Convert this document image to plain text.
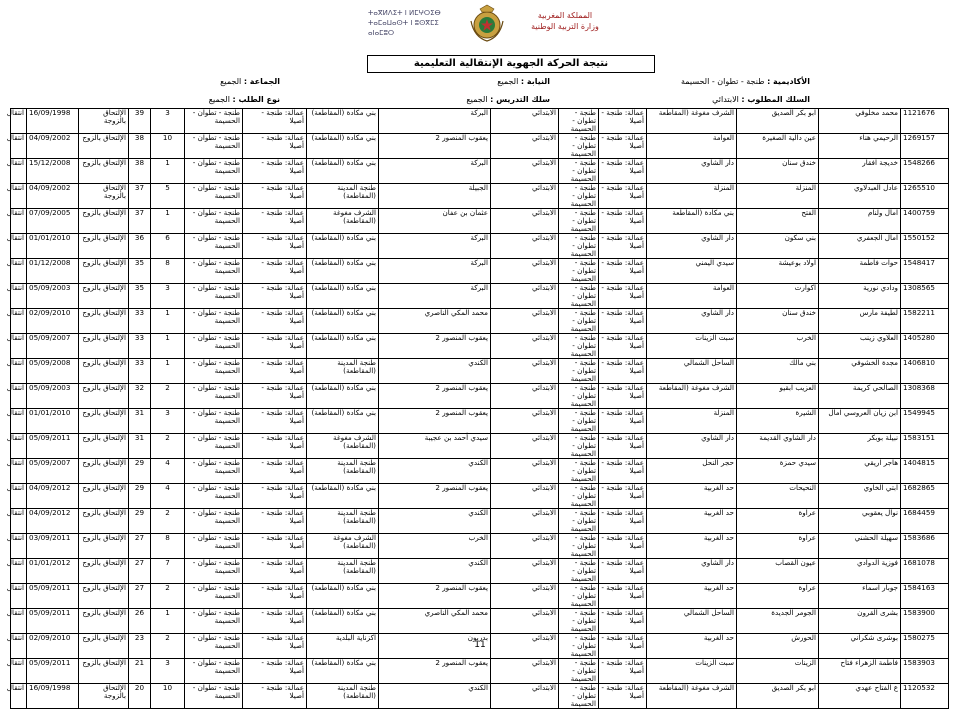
ⵜⴰⴳⵍⴷⵉⵜ ⵏ ⵍⵎⵖⵔⵉⴱ
ⵜⴰⵎⴰⵡⴰⵙⵜ ⵏ ⵓⵙⴳⵎⵉ
ⴰⵏⴰⵎⵓⵔ
المملكة المغربية
وزارة التربية الوطنية
نتيجة الحركة الجهوية الإنتقالية التعليمية
الأكاديمية : طنجة - تطوان - الحسيمة
النيابة : الجميع
الجماعة : الجميع
السلك المطلوب : الابتدائي
سلك التدريس : الجميع
نوع الطلب : الجميع
1121676	محمد مخلوفي	ابو بكر الصديق	الشرف مغوغة (المقاطعة	عمالة: طنجة - أصيلا	طنجة - تطوان - الحسيمة	الابتدائي	البركة	بني مكادة (المقاطعة)	عمالة: طنجة - أصيلا	طنجة - تطوان - الحسيمة	3	39	الإلتحاق بالزوجة	16/09/1998	انتقال
1269157	الرحيمي هناء	عين دالية الصغيرة	العوامة	عمالة: طنجة - أصيلا	طنجة - تطوان - الحسيمة	الابتدائي	يعقوب المنصور 2	بني مكادة (المقاطعة)	عمالة: طنجة - أصيلا	طنجة - تطوان - الحسيمة	10	38	الإلتحاق بالزوج	04/09/2002	انتقال
1548266	خديجة افقار	خندق سنان	دار الشاوي	عمالة: طنجة - أصيلا	طنجة - تطوان - الحسيمة	الابتدائي	البركة	بني مكادة (المقاطعة)	عمالة: طنجة - أصيلا	طنجة - تطوان - الحسيمة	1	38	الإلتحاق بالزوج	15/12/2008	انتقال
1265510	عادل العبدلاوي	المنزلة	المنزلة	عمالة: طنجة - أصيلا	طنجة - تطوان - الحسيمة	الابتدائي	الجبيلة	طنجة المدينة (المقاطعة)	عمالة: طنجة - أصيلا	طنجة - تطوان - الحسيمة	5	37	الإلتحاق بالزوجة	04/09/2002	انتقال
1400759	امال ولنام	الفتح	بني مكادة (المقاطعة	عمالة: طنجة - أصيلا	طنجة - تطوان - الحسيمة	الابتدائي	عثمان بن عفان	الشرف مغوغة (المقاطعة)	عمالة: طنجة - أصيلا	طنجة - تطوان - الحسيمة	1	37	الإلتحاق بالزوج	07/09/2005	انتقال
1550152	امال الجعفري	بني سكون	دار الشاوي	عمالة: طنجة - أصيلا	طنجة - تطوان - الحسيمة	الابتدائي	البركة	بني مكادة (المقاطعة)	عمالة: طنجة - أصيلا	طنجة - تطوان - الحسيمة	6	36	الإلتحاق بالزوج	01/01/2010	انتقال
1548417	حوات فاطمة	اولاد بوعيشة	سيدي اليمني	عمالة: طنجة - أصيلا	طنجة - تطوان - الحسيمة	الابتدائي	البركة	بني مكادة (المقاطعة)	عمالة: طنجة - أصيلا	طنجة - تطوان - الحسيمة	8	35	الإلتحاق بالزوج	01/12/2008	انتقال
1308565	ودادي نورية	اكوارت	العوامة	عمالة: طنجة - أصيلا	طنجة - تطوان - الحسيمة	الابتدائي	البركة	بني مكادة (المقاطعة)	عمالة: طنجة - أصيلا	طنجة - تطوان - الحسيمة	3	35	الإلتحاق بالزوج	05/09/2003	انتقال
1582211	لطيفة مارس	خندق سنان	دار الشاوي	عمالة: طنجة - أصيلا	طنجة - تطوان - الحسيمة	الابتدائي	محمد المكي الناصري	بني مكادة (المقاطعة)	عمالة: طنجة - أصيلا	طنجة - تطوان - الحسيمة	1	33	الإلتحاق بالزوج	02/09/2010	انتقال
1405280	العلاوي زينب	الخرب	سبت الزينات	عمالة: طنجة - أصيلا	طنجة - تطوان - الحسيمة	الابتدائي	يعقوب المنصور 2	بني مكادة (المقاطعة)	عمالة: طنجة - أصيلا	طنجة - تطوان - الحسيمة	1	33	الإلتحاق بالزوج	05/09/2007	انتقال
1406810	مجدة الخشوفي	بني مالك	الساحل الشمالي	عمالة: طنجة - أصيلا	طنجة - تطوان - الحسيمة	الابتدائي	الكندي	طنجة المدينة (المقاطعة)	عمالة: طنجة - أصيلا	طنجة - تطوان - الحسيمة	1	33	الإلتحاق بالزوج	05/09/2008	انتقال
1308368	الصالحي كريمة	العزيب ابقيو	الشرف مغوغة (المقاطعة	عمالة: طنجة - أصيلا	طنجة - تطوان - الحسيمة	الابتدائي	يعقوب المنصور 2	بني مكادة (المقاطعة)	عمالة: طنجة - أصيلا	طنجة - تطوان - الحسيمة	2	32	الإلتحاق بالزوج	05/09/2003	انتقال
1549945	ابن زيان العروسي امال	الشيرة	المنزلة	عمالة: طنجة - أصيلا	طنجة - تطوان - الحسيمة	الابتدائي	يعقوب المنصور 2	بني مكادة (المقاطعة)	عمالة: طنجة - أصيلا	طنجة - تطوان - الحسيمة	3	31	الإلتحاق بالزوج	01/01/2010	انتقال
1583151	نبيلة بوبكر	دار الشاوي القديمة	دار الشاوي	عمالة: طنجة - أصيلا	طنجة - تطوان - الحسيمة	الابتدائي	سيدي أحمد بن عجيبة	الشرف مغوغة (المقاطعة)	عمالة: طنجة - أصيلا	طنجة - تطوان - الحسيمة	2	31	الإلتحاق بالزوج	05/09/2011	انتقال
1404815	هاجر اريقي	سيدي حمزة	حجر النحل	عمالة: طنجة - أصيلا	طنجة - تطوان - الحسيمة	الابتدائي	الكندي	طنجة المدينة (المقاطعة)	عمالة: طنجة - أصيلا	طنجة - تطوان - الحسيمة	4	29	الإلتحاق بالزوج	05/09/2007	انتقال
1682865	ابتي الخاوي	النحيحات	حد الغربية	عمالة: طنجة - أصيلا	طنجة - تطوان - الحسيمة	الابتدائي	يعقوب المنصور 2	بني مكادة (المقاطعة)	عمالة: طنجة - أصيلا	طنجة - تطوان - الحسيمة	4	29	الإلتحاق بالزوج	04/09/2012	انتقال
1684459	نوال يعقوبي	عراوة	حد الغربية	عمالة: طنجة - أصيلا	طنجة - تطوان - الحسيمة	الابتدائي	الكندي	طنجة المدينة (المقاطعة)	عمالة: طنجة - أصيلا	طنجة - تطوان - الحسيمة	2	29	الإلتحاق بالزوج	04/09/2012	انتقال
1583686	سهيلة الحشني	عراوة	حد الغربية	عمالة: طنجة - أصيلا	طنجة - تطوان - الحسيمة	الابتدائي	الخرب	الشرف مغوغة (المقاطعة)	عمالة: طنجة - أصيلا	طنجة - تطوان - الحسيمة	8	27	الإلتحاق بالزوج	03/09/2011	انتقال
1681078	فوزية الدوادي	عيون القصاب	دار الشاوي	عمالة: طنجة - أصيلا	طنجة - تطوان - الحسيمة	الابتدائي	الكندي	طنجة المدينة (المقاطعة)	عمالة: طنجة - أصيلا	طنجة - تطوان - الحسيمة	7	27	الإلتحاق بالزوج	01/01/2012	انتقال
1584163	جوبار اسماء	عراوة	حد الغربية	عمالة: طنجة - أصيلا	طنجة - تطوان - الحسيمة	الابتدائي	يعقوب المنصور 2	بني مكادة (المقاطعة)	عمالة: طنجة - أصيلا	طنجة - تطوان - الحسيمة	2	27	الإلتحاق بالزوج	05/09/2011	انتقال
1583900	بشرى القرون	الجومر الجديدة	الساحل الشمالي	عمالة: طنجة - أصيلا	طنجة - تطوان - الحسيمة	الابتدائي	محمد المكي الناصري	بني مكادة (المقاطعة)	عمالة: طنجة - أصيلا	طنجة - تطوان - الحسيمة	1	26	الإلتحاق بالزوج	05/09/2011	انتقال
1580275	بوشرى شكراني	الحورش	حد الغربية	عمالة: طنجة - أصيلا	طنجة - تطوان - الحسيمة	الابتدائي	بدريون	اكزناية البلدية	عمالة: طنجة - أصيلا	طنجة - تطوان - الحسيمة	2	23	الإلتحاق بالزوج	02/09/2010	انتقال
1583903	فاطمة الزهراء فتاح	الزينات	سبت الزينات	عمالة: طنجة - أصيلا	طنجة - تطوان - الحسيمة	الابتدائي	يعقوب المنصور 2	بني مكادة (المقاطعة)	عمالة: طنجة - أصيلا	طنجة - تطوان - الحسيمة	3	21	الإلتحاق بالزوج	05/09/2011	انتقال
1120532	ع الفتاح عهدي	ابو بكر الصديق	الشرف مغوغة (المقاطعة	عمالة: طنجة - أصيلا	طنجة - تطوان - الحسيمة	الابتدائي	الكندي	طنجة المدينة (المقاطعة)	عمالة: طنجة - أصيلا	طنجة - تطوان - الحسيمة	10	20	الإلتحاق بالزوجة	16/09/1998	انتقال
11
